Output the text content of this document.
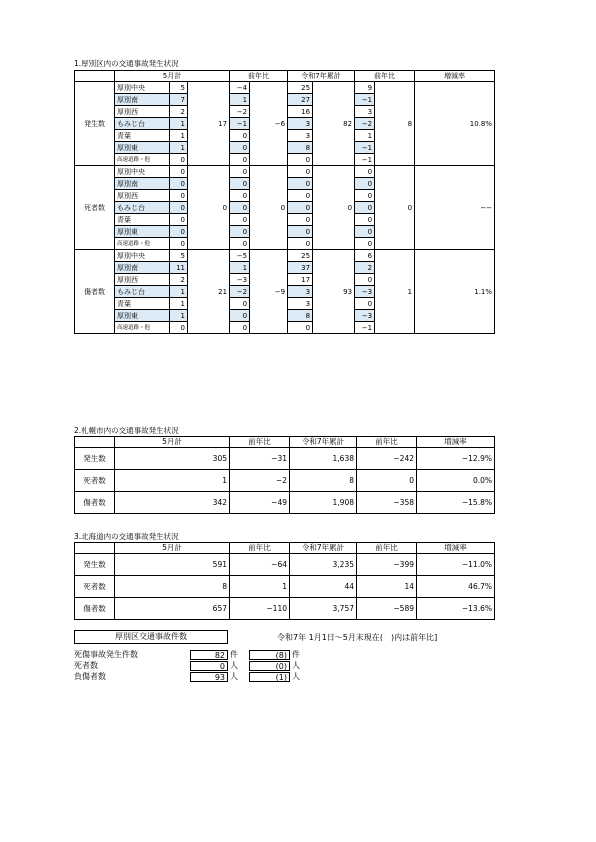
1.厚別区内の交通事故発生状況
	5月計			前年比		令和7年累計		前年比		増減率
発生数	厚別中央	5	17	−4	−6	25	82	9	8	10.8%
	厚別南	7		1		27		−1		
	厚別西	2		−2		16		3		
	もみじ台	1		−1		3		−2		
	青葉	1		0		3		1		
	厚別東	1		0		8		−1		
	高速道路・他	0		0		0		−1		
死者数	厚別中央	0	0	0	0	0	0	0	0	−−
	厚別南	0		0		0		0		
	厚別西	0		0		0		0		
	もみじ台	0		0		0		0		
	青葉	0		0		0		0		
	厚別東	0		0		0		0		
	高速道路・他	0		0		0		0		
傷者数	厚別中央	5	21	−5	−9	25	93	6	1	1.1%
	厚別南	11		1		37		2		
	厚別西	2		−3		17		0		
	もみじ台	1		−2		3		−3		
	青葉	1		0		3		0		
	厚別東	1		0		8		−3		
	高速道路・他	0		0		0		−1		
2.札幌市内の交通事故発生状況
	5月計	前年比	令和7年累計	前年比	増減率
発生数	305	−31	1,638	−242	−12.9%
死者数	1	−2	8	0	0.0%
傷者数	342	−49	1,908	−358	−15.8%
3.北海道内の交通事故発生状況
	5月計	前年比	令和7年累計	前年比	増減率
発生数	591	−64	3,235	−399	−11.0%
死者数	8	1	44	14	46.7%
傷者数	657	−110	3,757	−589	−13.6%
厚別区交通事故件数	令和7年 1月1日～5月末現在(　)内は前年比]
死傷事故発生件数	82 件	(8) 件
死者数	0 人	(0) 人
負傷者数	93 人	(1) 人
